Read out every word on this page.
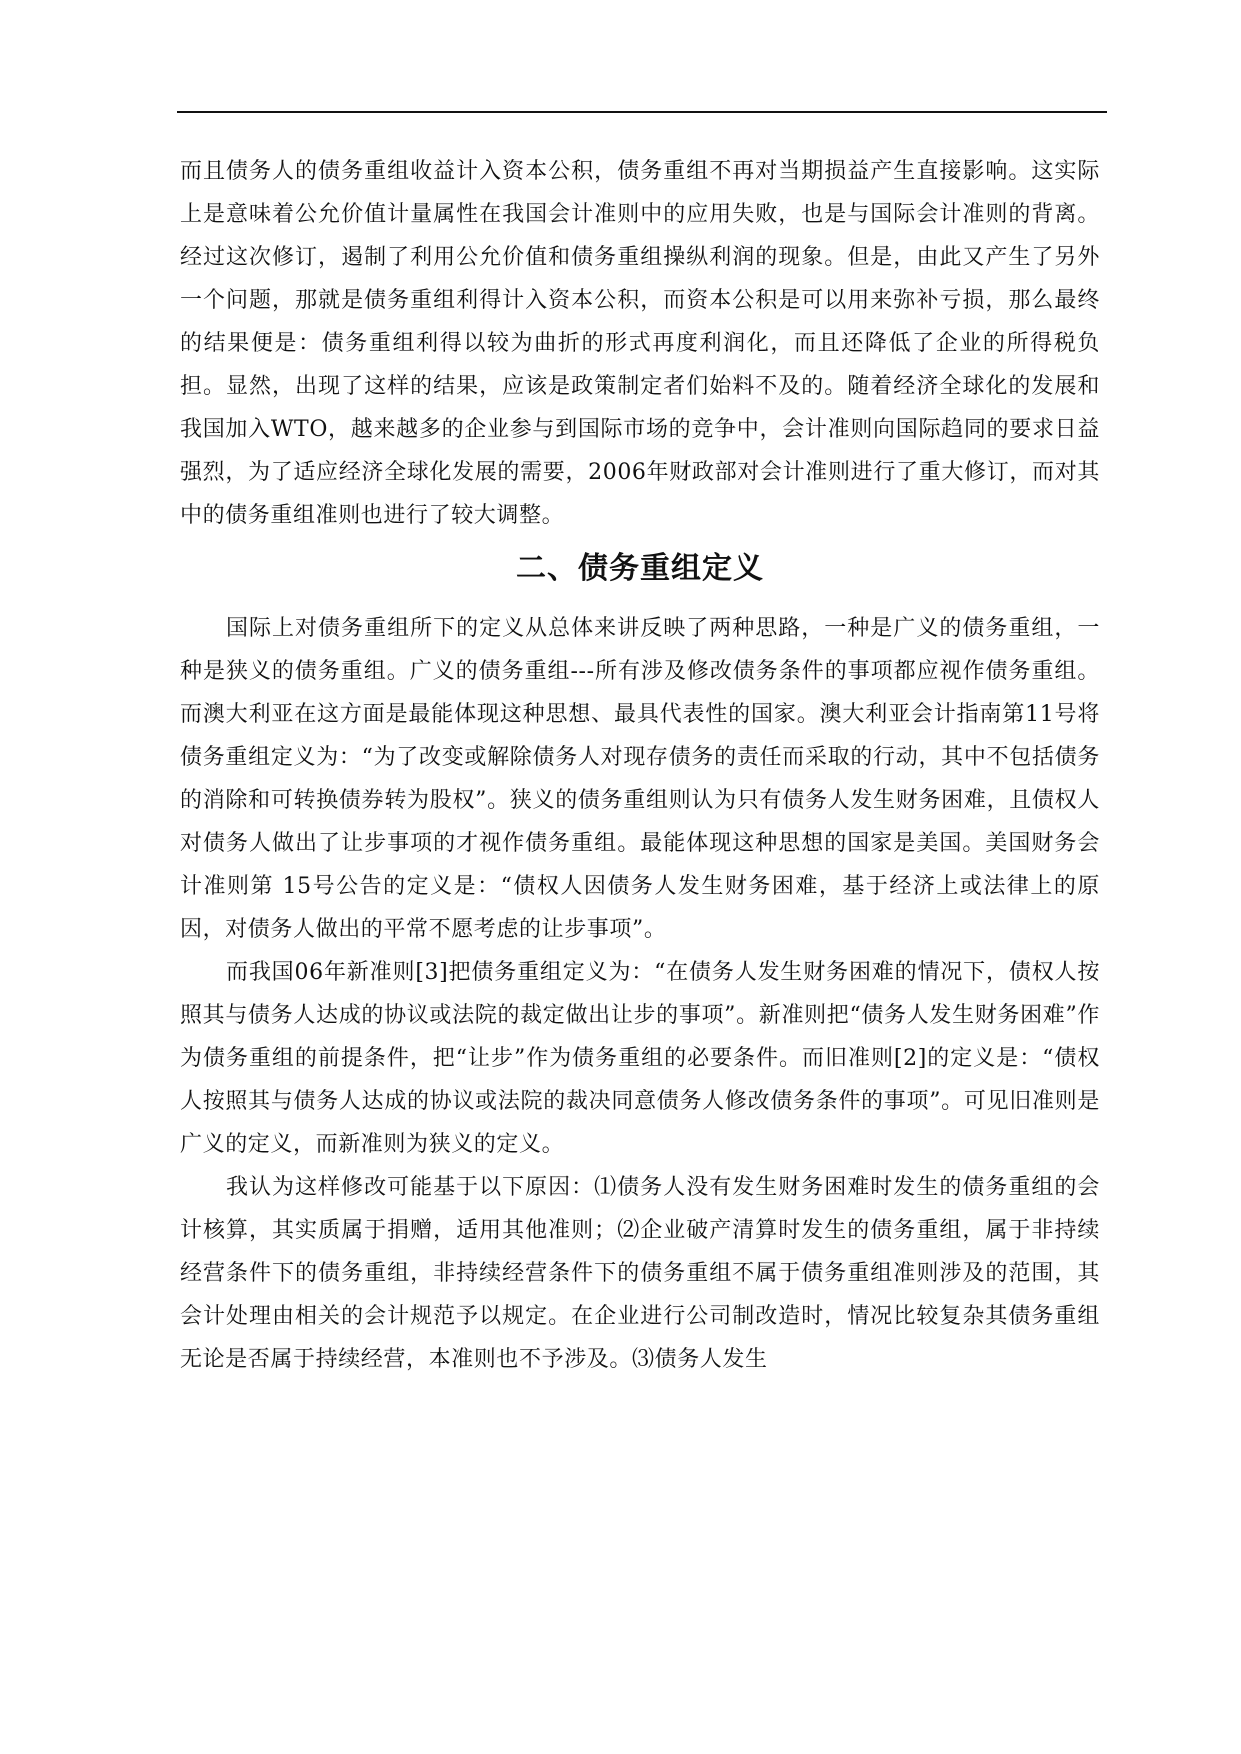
而且债务人的债务重组收益计入资本公积，债务重组不再对当期损益产生直接影响。这实际上是意味着公允价值计量属性在我国会计准则中的应用失败，也是与国际会计准则的背离。经过这次修订，遏制了利用公允价值和债务重组操纵利润的现象。但是，由此又产生了另外一个问题，那就是债务重组利得计入资本公积，而资本公积是可以用来弥补亏损，那么最终的结果便是：债务重组利得以较为曲折的形式再度利润化，而且还降低了企业的所得税负担。显然，出现了这样的结果，应该是政策制定者们始料不及的。随着经济全球化的发展和我国加入WTO，越来越多的企业参与到国际市场的竞争中，会计准则向国际趋同的要求日益强烈，为了适应经济全球化发展的需要，2006年财政部对会计准则进行了重大修订，而对其中的债务重组准则也进行了较大调整。

二、债务重组定义

国际上对债务重组所下的定义从总体来讲反映了两种思路，一种是广义的债务重组，一种是狭义的债务重组。广义的债务重组---所有涉及修改债务条件的事项都应视作债务重组。而澳大利亚在这方面是最能体现这种思想、最具代表性的国家。澳大利亚会计指南第11号将债务重组定义为：“为了改变或解除债务人对现存债务的责任而采取的行动，其中不包括债务的消除和可转换债券转为股权”。狭义的债务重组则认为只有债务人发生财务困难，且债权人对债务人做出了让步事项的才视作债务重组。最能体现这种思想的国家是美国。美国财务会计准则第 15号公告的定义是：“债权人因债务人发生财务困难，基于经济上或法律上的原因，对债务人做出的平常不愿考虑的让步事项”。

而我国06年新准则[3]把债务重组定义为：“在债务人发生财务困难的情况下，债权人按照其与债务人达成的协议或法院的裁定做出让步的事项”。新准则把“债务人发生财务困难”作为债务重组的前提条件，把“让步”作为债务重组的必要条件。而旧准则[2]的定义是：“债权人按照其与债务人达成的协议或法院的裁决同意债务人修改债务条件的事项”。可见旧准则是广义的定义，而新准则为狭义的定义。

我认为这样修改可能基于以下原因：⑴债务人没有发生财务困难时发生的债务重组的会计核算，其实质属于捐赠，适用其他准则；⑵企业破产清算时发生的债务重组，属于非持续经营条件下的债务重组，非持续经营条件下的债务重组不属于债务重组准则涉及的范围，其会计处理由相关的会计规范予以规定。在企业进行公司制改造时，情况比较复杂其债务重组无论是否属于持续经营，本准则也不予涉及。⑶债务人发生
